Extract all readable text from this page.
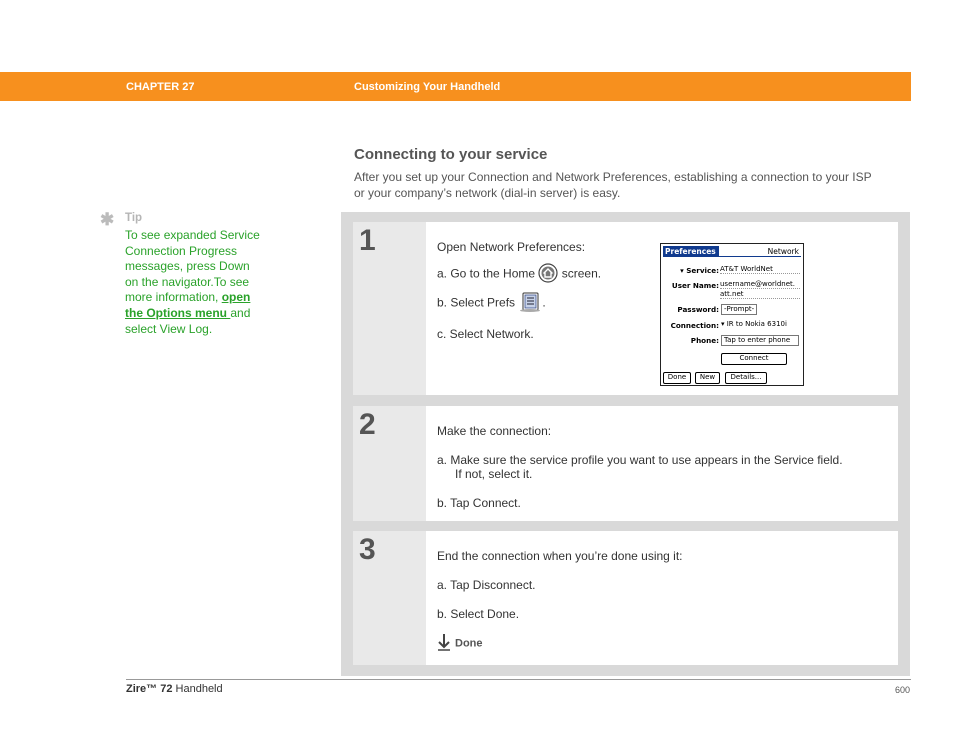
CHAPTER 27	Customizing Your Handheld
Connecting to your service
After you set up your Connection and Network Preferences, establishing a connection to your ISP
or your company’s network (dial-in server) is easy.
✱ Tip
To see expanded Service
Connection Progress
messages, press Down
on the navigator.To see
more information, open
the Options menu and
select View Log.
1	Open Network Preferences:
a. Go to the Home  screen.
b. Select Prefs .
c. Select Network.
Preferences	Network
▾ Service: AT&T WorldNet
User Name: username@worldnet.
att.net
Password: -Prompt-
Connection: ▾ IR to Nokia 6310i
Phone: Tap to enter phone
Connect
Done	New	Details...
2	Make the connection:
a. Make sure the service profile you want to use appears in the Service field.
If not, select it.
b. Tap Connect.
3	End the connection when you’re done using it:
a. Tap Disconnect.
b. Select Done.
Done
Zire™ 72 Handheld	600
